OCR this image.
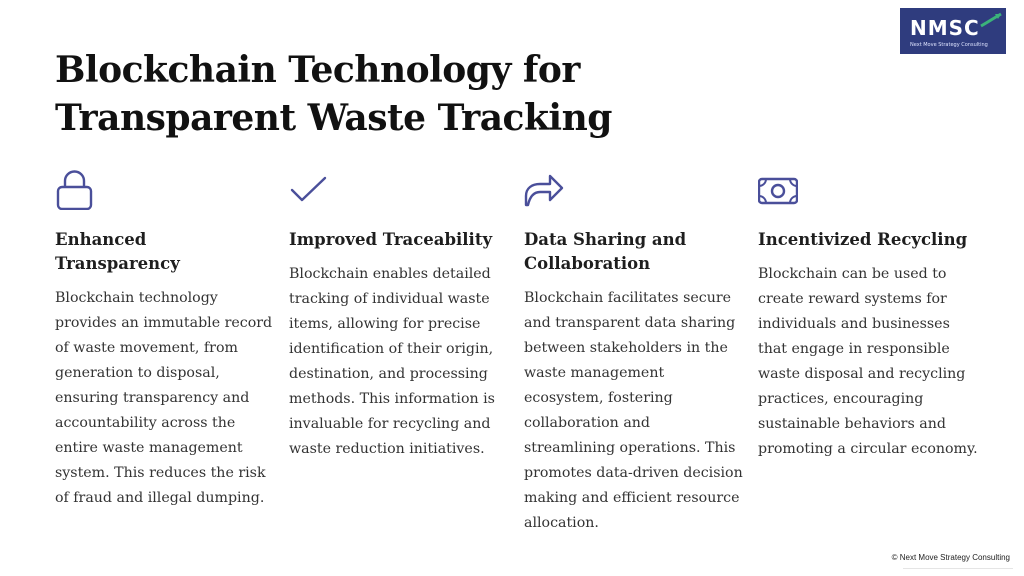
Blockchain Technology for Transparent Waste Tracking
NMSC
Next Move Strategy Consulting
Enhanced Transparency

Blockchain technology provides an immutable record of waste movement, from generation to disposal, ensuring transparency and accountability across the entire waste management system. This reduces the risk of fraud and illegal dumping.

Improved Traceability

Blockchain enables detailed tracking of individual waste items, allowing for precise identification of their origin, destination, and processing methods. This information is invaluable for recycling and waste reduction initiatives.

Data Sharing and Collaboration

Blockchain facilitates secure and transparent data sharing between stakeholders in the waste management ecosystem, fostering collaboration and streamlining operations. This promotes data-driven decision making and efficient resource allocation.

Incentivized Recycling

Blockchain can be used to create reward systems for individuals and businesses that engage in responsible waste disposal and recycling practices, encouraging sustainable behaviors and promoting a circular economy.

© Next Move Strategy Consulting
